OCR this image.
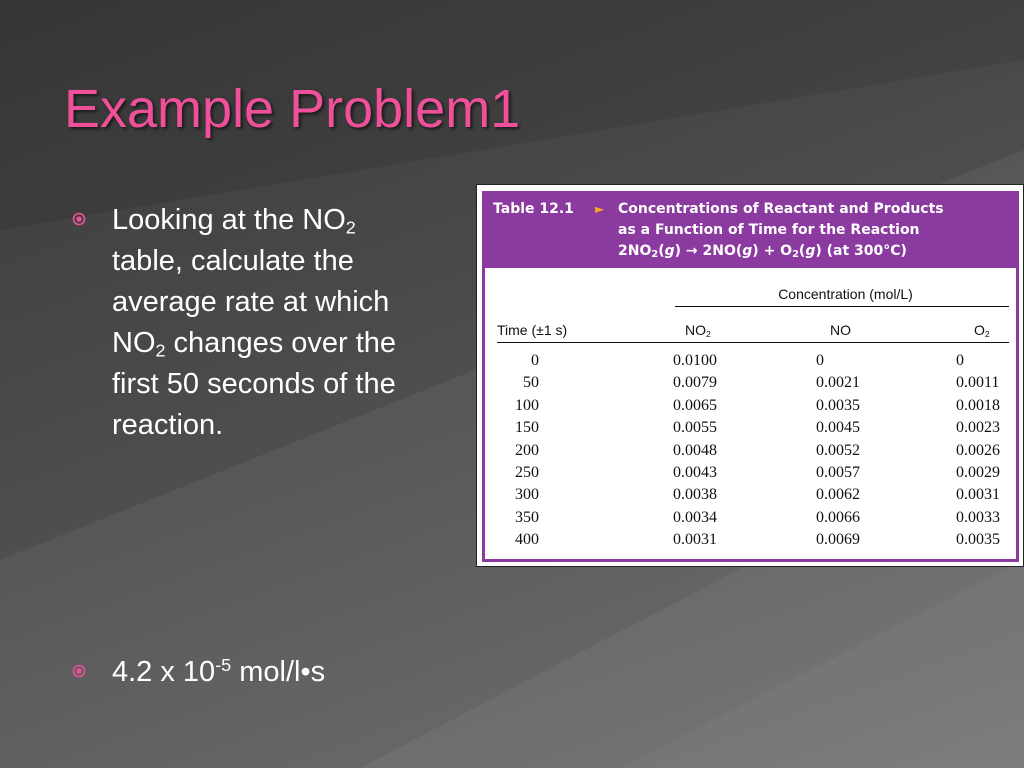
Example Problem1
Looking at the $NO_2$
table, calculate the
average rate at which
$NO_2$ changes over the
first 50 seconds of the
reaction.
Table 12.1 ► Concentrations of Reactant and Products
as a Function of Time for the Reaction
$2NO_2(g) \to 2NO(g) + O_2(g)$ (at 300°C)
Concentration (mol/L)
Time (±1 s)	$NO_2$	NO	$O_2$
0	0.0100	0	0
50	0.0079	0.0021	0.0011
100	0.0065	0.0035	0.0018
150	0.0055	0.0045	0.0023
200	0.0048	0.0052	0.0026
250	0.0043	0.0057	0.0029
300	0.0038	0.0062	0.0031
350	0.0034	0.0066	0.0033
400	0.0031	0.0069	0.0035
4.2 x $10^{-5}$ mol/l•s
